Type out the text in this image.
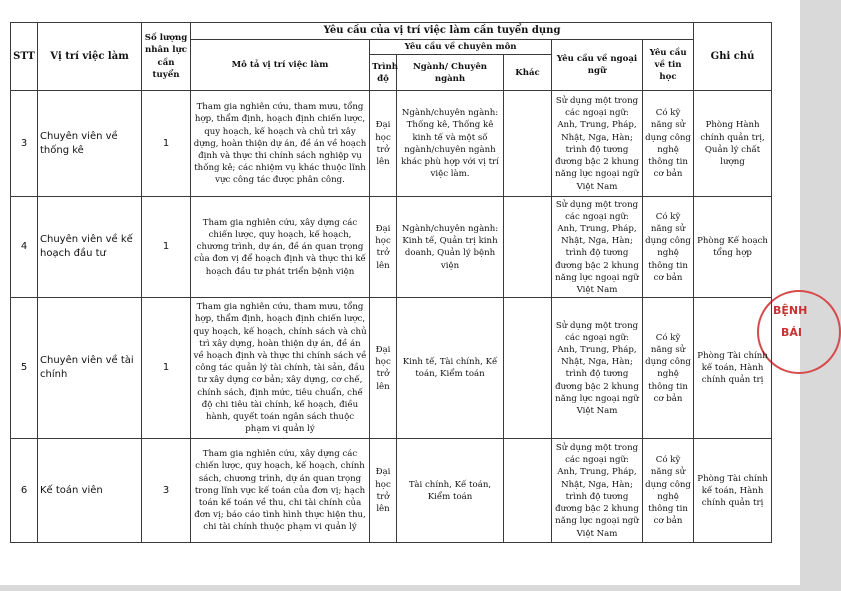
BỆNH
BÁI
STT	Vị trí việc làm	Số lượng nhân lực cần tuyển	Yêu cầu của vị trí việc làm cần tuyển dụng						Ghi chú
			Mô tả vị trí việc làm	Yêu cầu về chuyên môn			Yêu cầu về ngoại ngữ	Yêu cầu về tin học	
				Trình độ	Ngành/ Chuyên ngành	Khác			
3	Chuyên viên về thống kê	1	Tham gia nghiên cứu, tham mưu, tổng hợp, thẩm định, hoạch định chiến lược, quy hoạch, kế hoạch và chủ trì xây dựng, hoàn thiện dự án, đề án về hoạch định và thực thi chính sách nghiệp vụ thống kê; các nhiệm vụ khác thuộc lĩnh vực công tác được phân công.	Đại học trở lên	Ngành/chuyên ngành: Thống kê, Thống kê kinh tế và một số ngành/chuyên ngành khác phù hợp với vị trí việc làm.		Sử dụng một trong các ngoại ngữ: Anh, Trung, Pháp, Nhật, Nga, Hàn; trình độ tương đương bậc 2 khung năng lực ngoại ngữ Việt Nam	Có kỹ năng sử dụng công nghệ thông tin cơ bản	Phòng Hành chính quản trị, Quản lý chất lượng
4	Chuyên viên về kế hoạch đầu tư	1	Tham gia nghiên cứu, xây dựng các chiến lược, quy hoạch, kế hoạch, chương trình, dự án, đề án quan trọng của đơn vị để hoạch định và thực thi kế hoạch đầu tư phát triển bệnh viện	Đại học trở lên	Ngành/chuyên ngành: Kinh tế, Quản trị kinh doanh, Quản lý bệnh viện		Sử dụng một trong các ngoại ngữ: Anh, Trung, Pháp, Nhật, Nga, Hàn; trình độ tương đương bậc 2 khung năng lực ngoại ngữ Việt Nam	Có kỹ năng sử dụng công nghệ thông tin cơ bản	Phòng Kế hoạch tổng hợp
5	Chuyên viên về tài chính	1	Tham gia nghiên cứu, tham mưu, tổng hợp, thẩm định, hoạch định chiến lược, quy hoạch, kế hoạch, chính sách và chủ trì xây dựng, hoàn thiện dự án, đề án về hoạch định và thực thi chính sách về công tác quản lý tài chính, tài sản, đầu tư xây dựng cơ bản; xây dựng, cơ chế, chính sách, định mức, tiêu chuẩn, chế độ chi tiêu tài chính, kế hoạch, điều hành, quyết toán ngân sách thuộc phạm vi quản lý	Đại học trở lên	Kinh tế, Tài chính, Kế toán, Kiểm toán		Sử dụng một trong các ngoại ngữ: Anh, Trung, Pháp, Nhật, Nga, Hàn; trình độ tương đương bậc 2 khung năng lực ngoại ngữ Việt Nam	Có kỹ năng sử dụng công nghệ thông tin cơ bản	Phòng Tài chính kế toán, Hành chính quản trị
6	Kế toán viên	3	Tham gia nghiên cứu, xây dựng các chiến lược, quy hoạch, kế hoạch, chính sách, chương trình, dự án quan trọng trong lĩnh vực kế toán của đơn vị; hạch toán kế toán về thu, chi tài chính của đơn vị; báo cáo tình hình thực hiện thu, chi tài chính thuộc phạm vi quản lý	Đại học trở lên	Tài chính, Kế toán, Kiểm toán		Sử dụng một trong các ngoại ngữ: Anh, Trung, Pháp, Nhật, Nga, Hàn; trình độ tương đương bậc 2 khung năng lực ngoại ngữ Việt Nam	Có kỹ năng sử dụng công nghệ thông tin cơ bản	Phòng Tài chính kế toán, Hành chính quản trị
